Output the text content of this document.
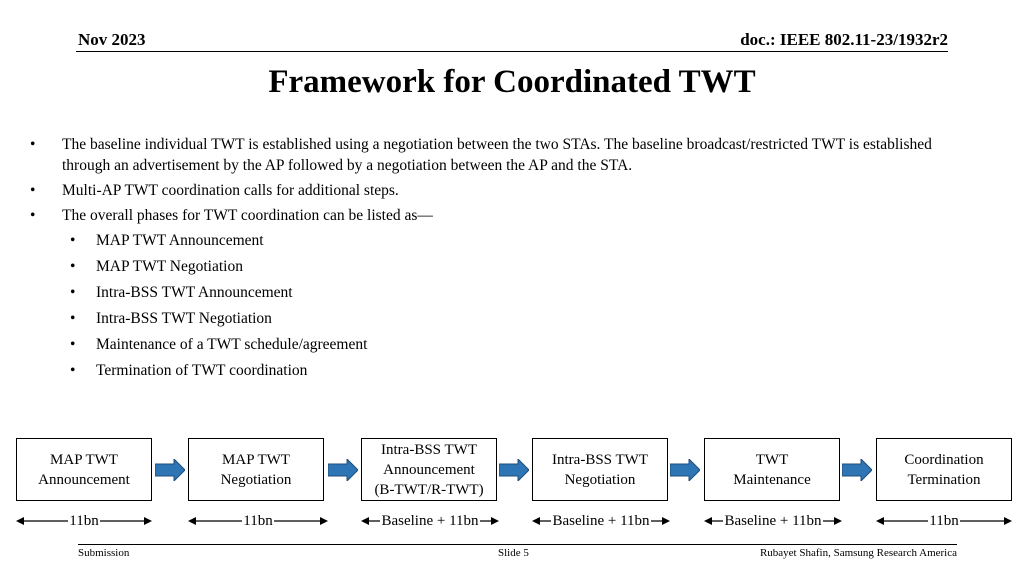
Nov 2023	doc.: IEEE 802.11-23/1932r2
Framework for Coordinated TWT
• The baseline individual TWT is established using a negotiation between the two STAs. The baseline broadcast/restricted TWT is established through an advertisement by the AP followed by a negotiation between the AP and the STA.
• Multi-AP TWT coordination calls for additional steps.
• The overall phases for TWT coordination can be listed as—
• MAP TWT Announcement
• MAP TWT Negotiation
• Intra-BSS TWT Announcement
• Intra-BSS TWT Negotiation
• Maintenance of a TWT schedule/agreement
• Termination of TWT coordination
MAP TWT
Announcement
MAP TWT
Negotiation
Intra-BSS TWT
Announcement
(B-TWT/R-TWT)
Intra-BSS TWT
Negotiation
TWT
Maintenance
Coordination
Termination
11bn	11bn	Baseline + 11bn	Baseline + 11bn	Baseline + 11bn	11bn
Submission	Slide 5	Rubayet Shafin, Samsung Research America
